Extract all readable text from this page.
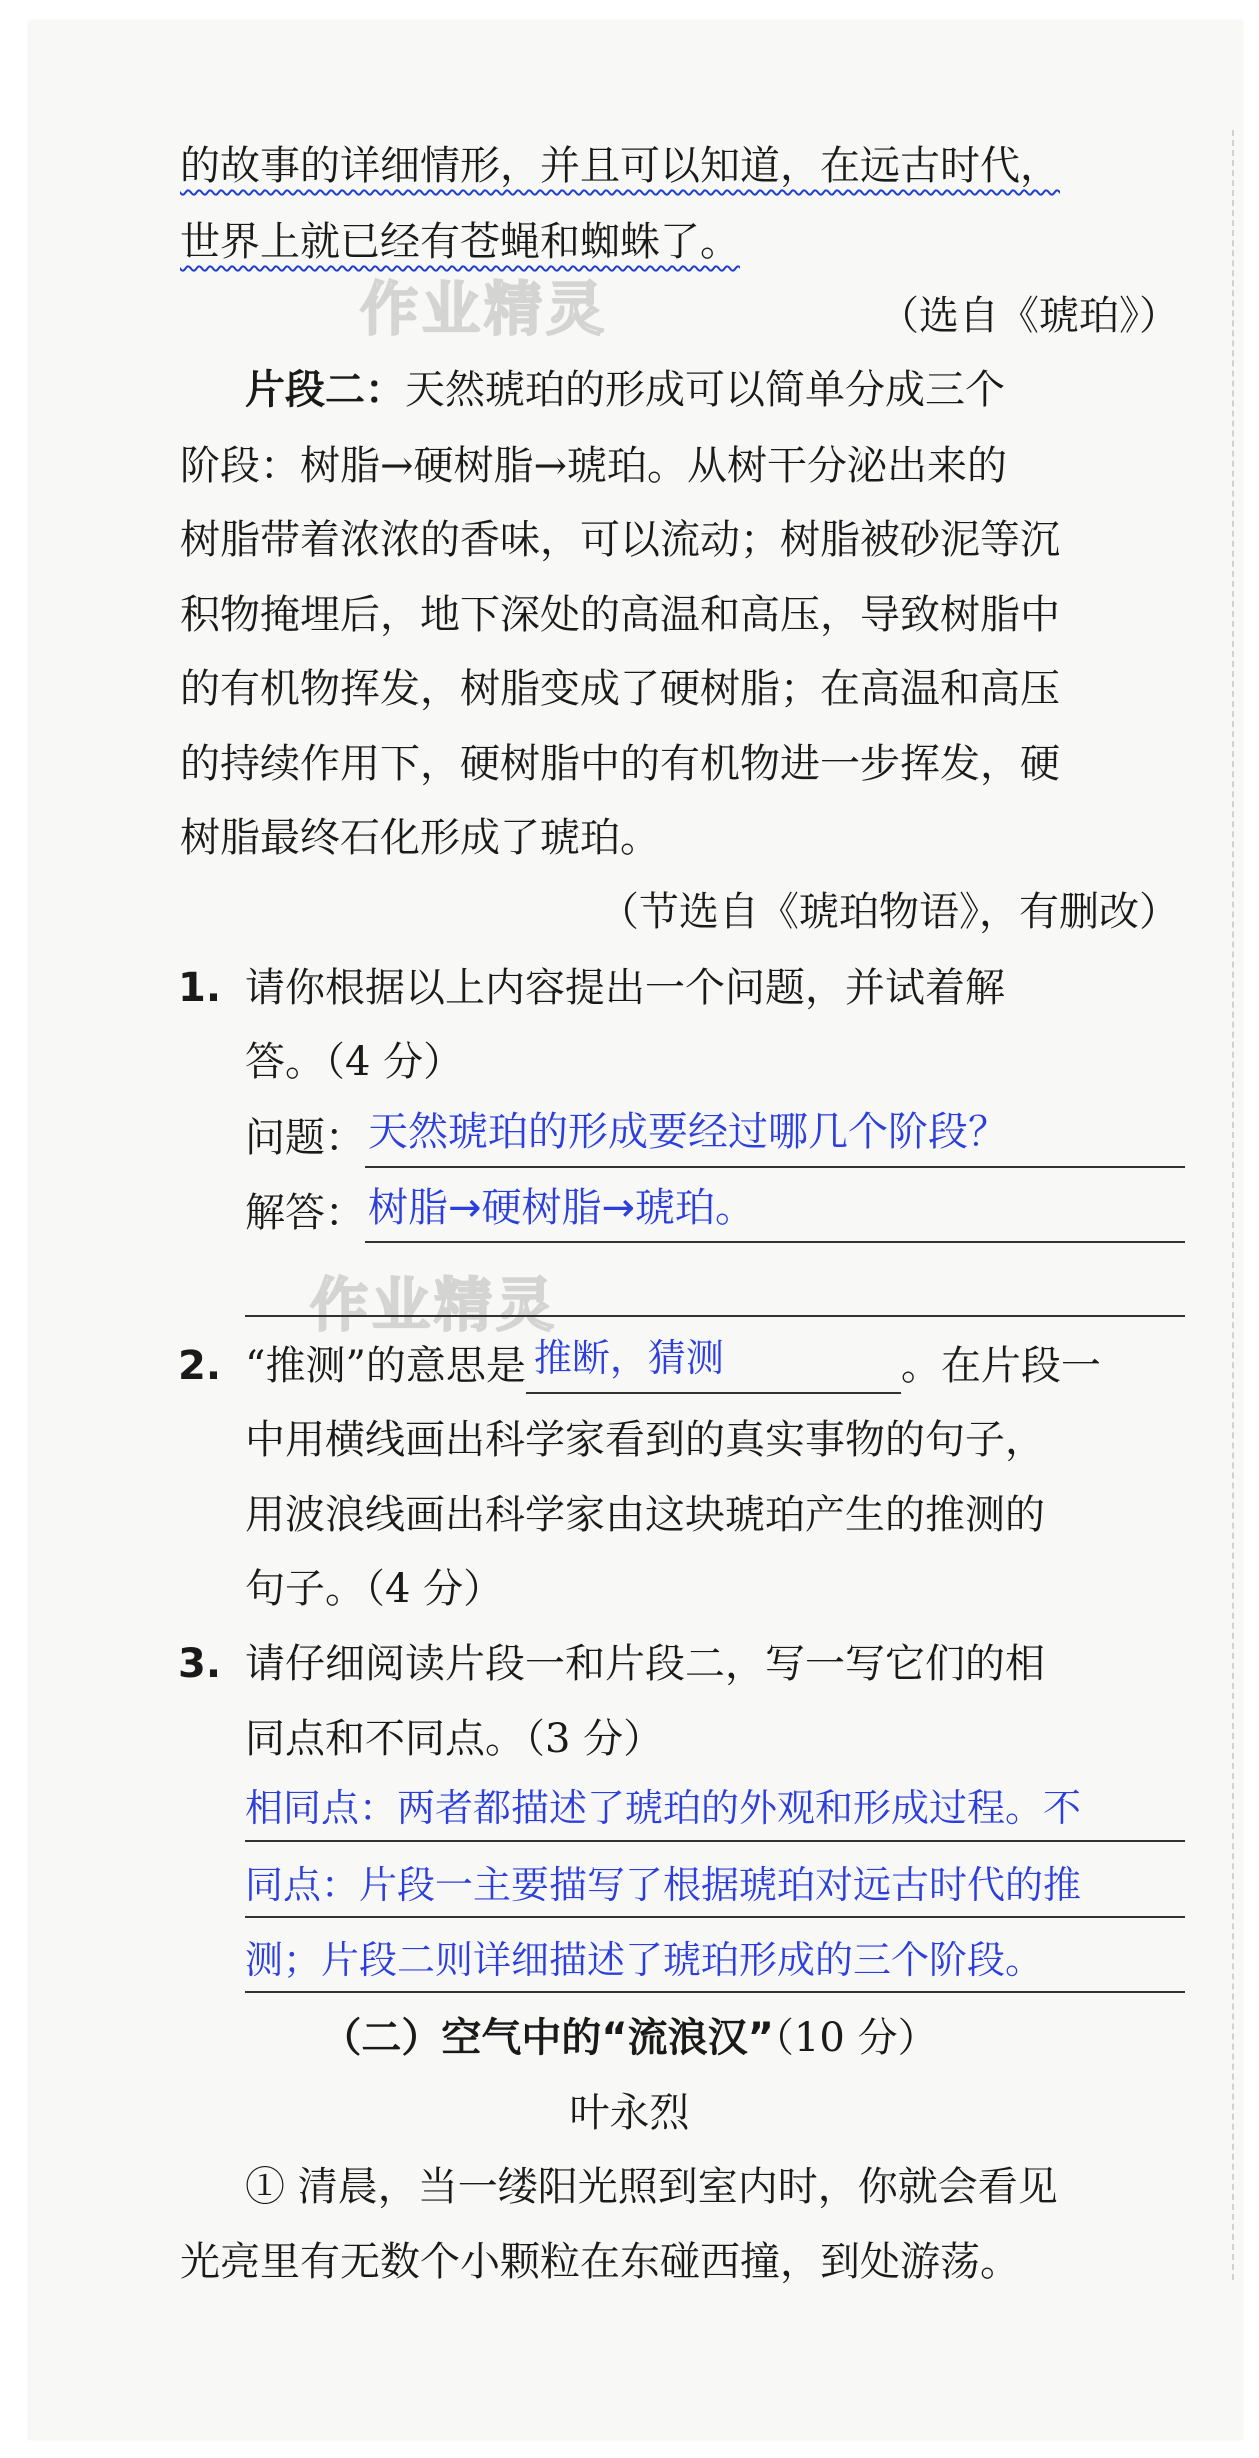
作业精灵
作业精灵
的故事的详细情形，并且可以知道，在远古时代，
世界上就已经有苍蝇和蜘蛛了。
（选自《琥珀》）
片段二：天然琥珀的形成可以简单分成三个
阶段：树脂→硬树脂→琥珀。从树干分泌出来的
树脂带着浓浓的香味，可以流动；树脂被砂泥等沉
积物掩埋后，地下深处的高温和高压，导致树脂中
的有机物挥发，树脂变成了硬树脂；在高温和高压
的持续作用下，硬树脂中的有机物进一步挥发，硬
树脂最终石化形成了琥珀。
（节选自《琥珀物语》，有删改）
1. 请你根据以上内容提出一个问题，并试着解
答。（4 分）
问题： 天然琥珀的形成要经过哪几个阶段？
解答： 树脂→硬树脂→琥珀。
2. “推测”的意思是 推断，猜测	。在片段一
中用横线画出科学家看到的真实事物的句子，
用波浪线画出科学家由这块琥珀产生的推测的
句子。（4 分）
3. 请仔细阅读片段一和片段二，写一写它们的相
同点和不同点。（3 分）
相同点：两者都描述了琥珀的外观和形成过程。不
同点：片段一主要描写了根据琥珀对远古时代的推
测；片段二则详细描述了琥珀形成的三个阶段。
（二）空气中的“流浪汉”（10 分）
叶永烈
① 清晨，当一缕阳光照到室内时，你就会看见
光亮里有无数个小颗粒在东碰西撞，到处游荡。
